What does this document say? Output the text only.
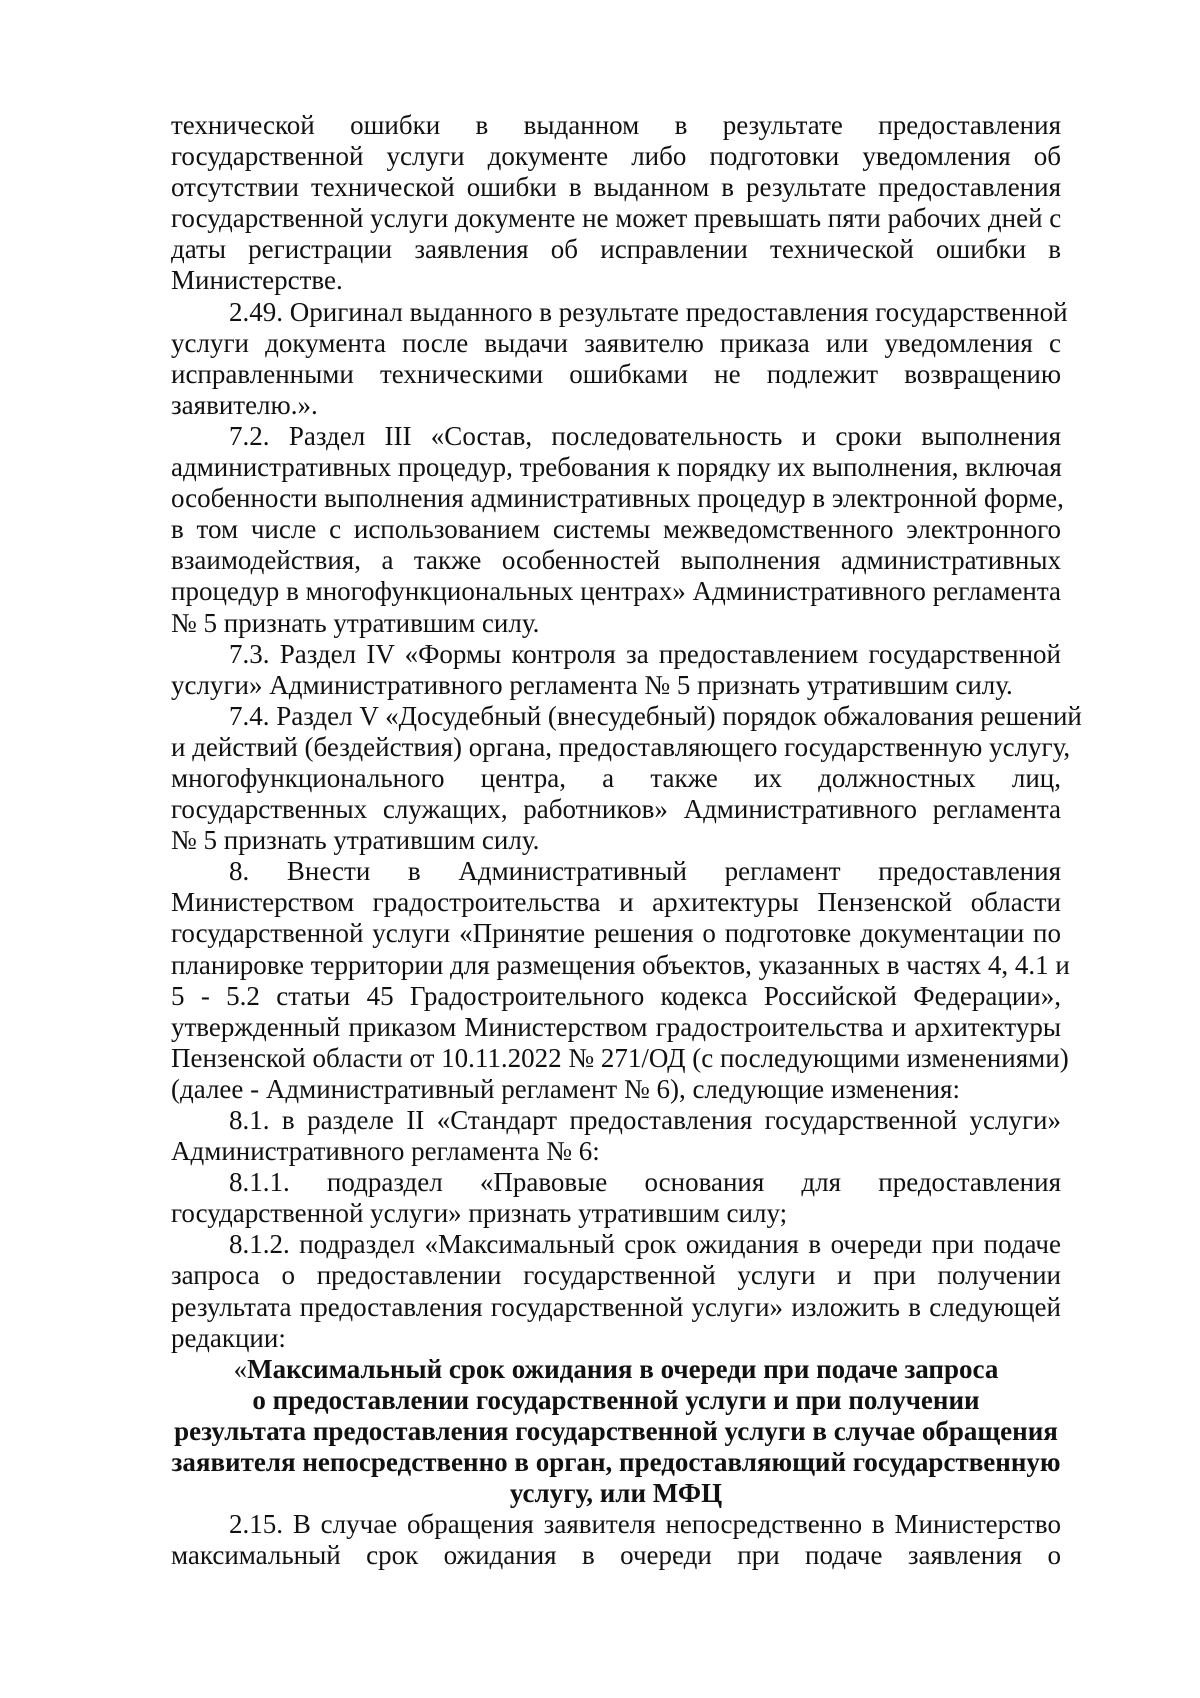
технической ошибки в выданном в результате предоставления
государственной услуги документе либо подготовки уведомления об
отсутствии технической ошибки в выданном в результате предоставления
государственной услуги документе не может превышать пяти рабочих дней с
даты регистрации заявления об исправлении технической ошибки в
Министерстве.
2.49. Оригинал выданного в результате предоставления государственной
услуги документа после выдачи заявителю приказа или уведомления с
исправленными техническими ошибками не подлежит возвращению
заявителю.».
7.2. Раздел III «Состав, последовательность и сроки выполнения
административных процедур, требования к порядку их выполнения, включая
особенности выполнения административных процедур в электронной форме,
в том числе с использованием системы межведомственного электронного
взаимодействия, а также особенностей выполнения административных
процедур в многофункциональных центрах» Административного регламента
№ 5 признать утратившим силу.
7.3. Раздел IV «Формы контроля за предоставлением государственной
услуги» Административного регламента № 5 признать утратившим силу.
7.4. Раздел V «Досудебный (внесудебный) порядок обжалования решений
и действий (бездействия) органа, предоставляющего государственную услугу,
многофункционального центра, а также их должностных лиц,
государственных служащих, работников» Административного регламента
№ 5 признать утратившим силу.
8. Внести в Административный регламент предоставления
Министерством градостроительства и архитектуры Пензенской области
государственной услуги «Принятие решения о подготовке документации по
планировке территории для размещения объектов, указанных в частях 4, 4.1 и
5 - 5.2 статьи 45 Градостроительного кодекса Российской Федерации»,
утвержденный приказом Министерством градостроительства и архитектуры
Пензенской области от 10.11.2022 № 271/ОД (с последующими изменениями)
(далее - Административный регламент № 6), следующие изменения:
8.1. в разделе II «Стандарт предоставления государственной услуги»
Административного регламента № 6:
8.1.1. подраздел «Правовые основания для предоставления
государственной услуги» признать утратившим силу;
8.1.2. подраздел «Максимальный срок ожидания в очереди при подаче
запроса о предоставлении государственной услуги и при получении
результата предоставления государственной услуги» изложить в следующей
редакции:
«Максимальный срок ожидания в очереди при подаче запроса
о предоставлении государственной услуги и при получении
результата предоставления государственной услуги в случае обращения
заявителя непосредственно в орган, предоставляющий государственную
услугу, или МФЦ
2.15. В случае обращения заявителя непосредственно в Министерство
максимальный срок ожидания в очереди при подаче заявления о
